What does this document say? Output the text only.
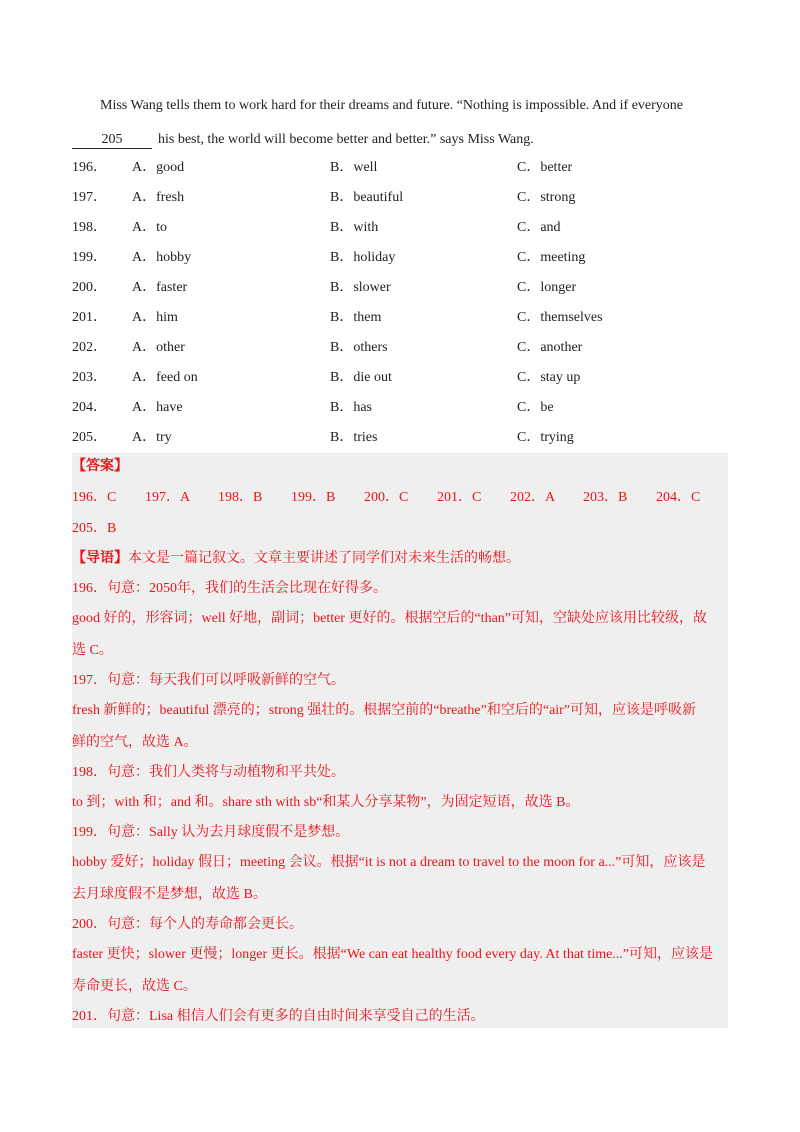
Miss Wang tells them to work hard for their dreams and future. “Nothing is impossible. And if everyone
205	his best, the world will become better and better.” says Miss Wang.
196． A．good	B．well	C．better
197． A．fresh	B．beautiful	C．strong
198． A．to	B．with	C．and
199． A．hobby	B．holiday	C．meeting
200． A．faster	B．slower	C．longer
201． A．him	B．them	C．themselves
202． A．other	B．others	C．another
203． A．feed on	B．die out	C．stay up
204． A．have	B．has	C．be
205． A．try	B．tries	C．trying
【答案】
196．C 197．A 198．B 199．B 200．C 201．C 202．A 203．B 204．C
205．B
【导语】本文是一篇记叙文。文章主要讲述了同学们对未来生活的畅想。
196．句意：2050年，我们的生活会比现在好得多。
good 好的，形容词；well 好地，副词；better 更好的。根据空后的“than”可知，空缺处应该用比较级，故
选 C。
197．句意：每天我们可以呼吸新鲜的空气。
fresh 新鲜的；beautiful 漂亮的；strong 强壮的。根据空前的“breathe”和空后的“air”可知，应该是呼吸新
鲜的空气，故选 A。
198．句意：我们人类将与动植物和平共处。
to 到；with 和；and 和。share sth with sb“和某人分享某物”，为固定短语，故选 B。
199．句意：Sally 认为去月球度假不是梦想。
hobby 爱好；holiday 假日；meeting 会议。根据“it is not a dream to travel to the moon for a...”可知，应该是
去月球度假不是梦想，故选 B。
200．句意：每个人的寿命都会更长。
faster 更快；slower 更慢；longer 更长。根据“We can eat healthy food every day. At that time...”可知，应该是
寿命更长，故选 C。
201．句意：Lisa 相信人们会有更多的自由时间来享受自己的生活。
